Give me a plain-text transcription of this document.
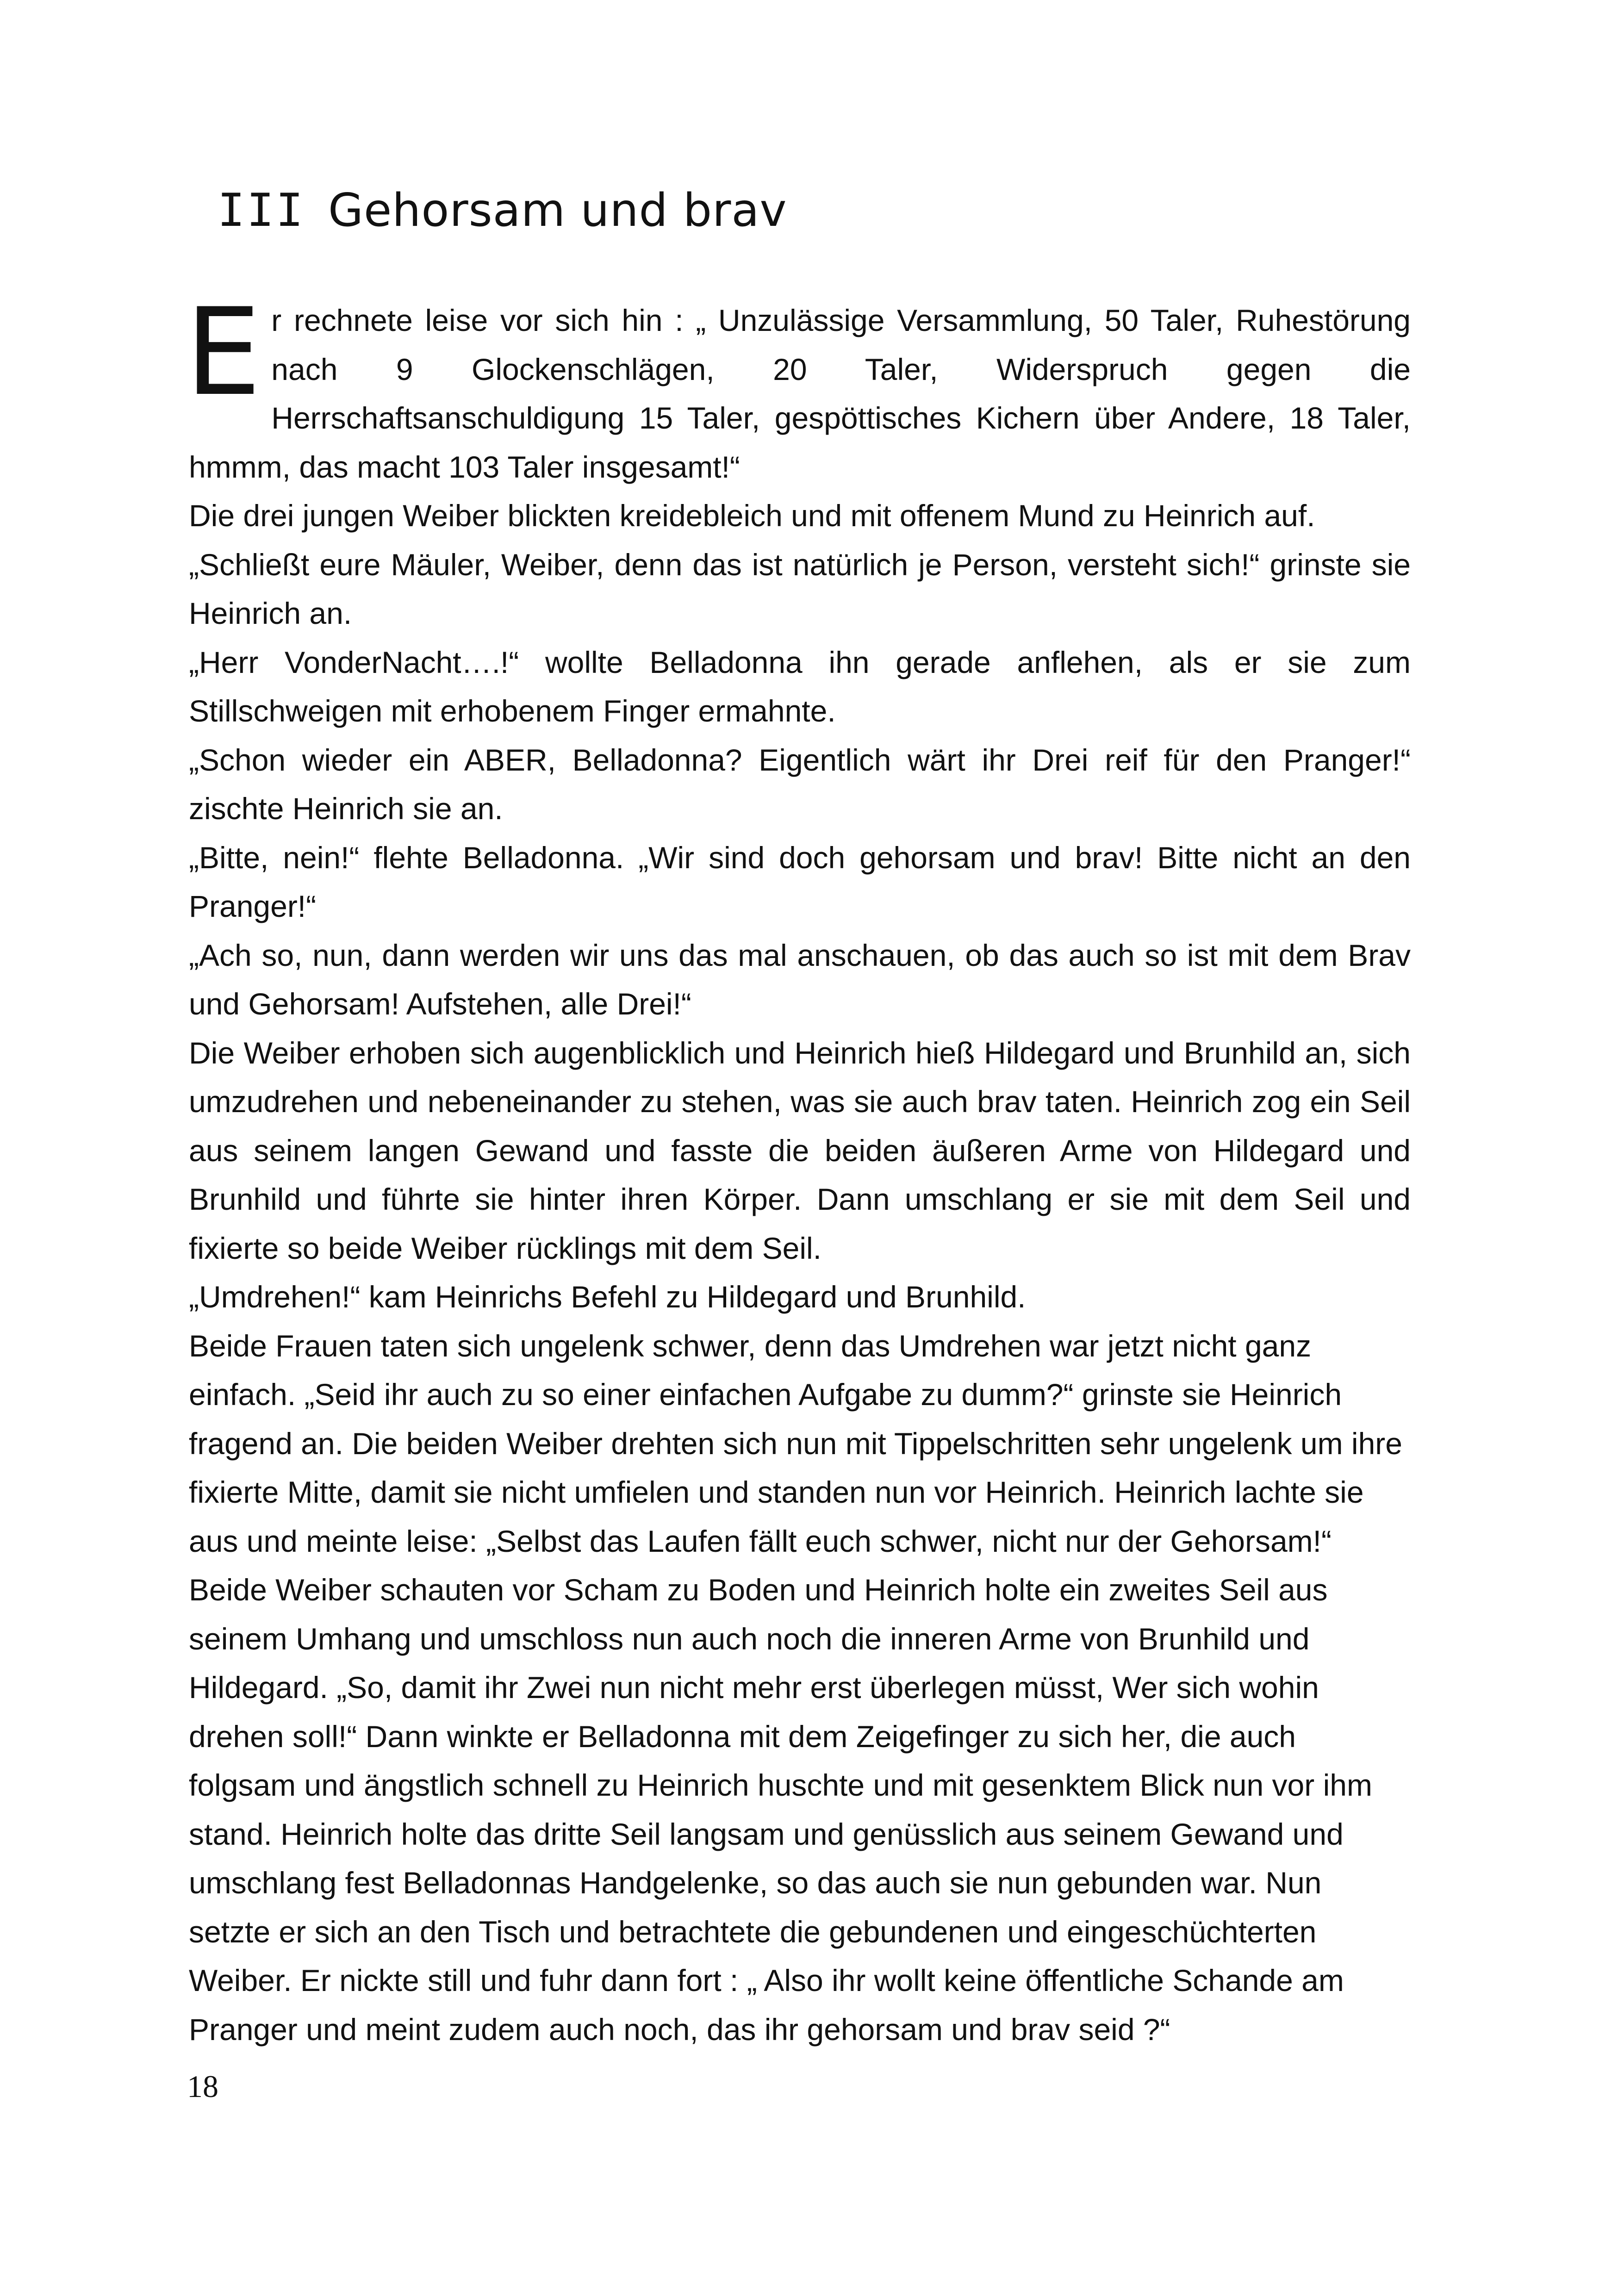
III Gehorsam und brav

Er rechnete leise vor sich hin : „ Unzulässige Versammlung, 50 Taler, Ruhestörung nach 9 Glockenschlägen, 20 Taler, Widerspruch gegen die Herrschaftsanschuldigung 15 Taler, gespöttisches Kichern über Andere, 18 Taler, hmmm, das macht 103 Taler insgesamt!“

Die drei jungen Weiber blickten kreidebleich und mit offenem Mund zu Heinrich auf.

„Schließt eure Mäuler, Weiber, denn das ist natürlich je Person, versteht sich!“ grinste sie Heinrich an.

„Herr VonderNacht….!“ wollte Belladonna ihn gerade anflehen, als er sie zum Stillschweigen mit erhobenem Finger ermahnte.

„Schon wieder ein ABER, Belladonna? Eigentlich wärt ihr Drei reif für den Pranger!“ zischte Heinrich sie an.

„Bitte, nein!“ flehte Belladonna. „Wir sind doch gehorsam und brav! Bitte nicht an den Pranger!“

„Ach so, nun, dann werden wir uns das mal anschauen, ob das auch so ist mit dem Brav und Gehorsam! Aufstehen, alle Drei!“

Die Weiber erhoben sich augenblicklich und Heinrich hieß Hildegard und Brunhild an, sich umzudrehen und nebeneinander zu stehen, was sie auch brav taten. Heinrich zog ein Seil aus seinem langen Gewand und fasste die beiden äußeren Arme von Hildegard und Brunhild und führte sie hinter ihren Körper. Dann umschlang er sie mit dem Seil und fixierte so beide Weiber rücklings mit dem Seil.

„Umdrehen!“ kam Heinrichs Befehl zu Hildegard und Brunhild.

Beide Frauen taten sich ungelenk schwer, denn das Umdrehen war jetzt nicht ganz einfach. „Seid ihr auch zu so einer einfachen Aufgabe zu dumm?“ grinste sie Heinrich fragend an. Die beiden Weiber drehten sich nun mit Tippelschritten sehr ungelenk um ihre fixierte Mitte, damit sie nicht umfielen und standen nun vor Heinrich. Heinrich lachte sie aus und meinte leise: „Selbst das Laufen fällt euch schwer, nicht nur der Gehorsam!“ Beide Weiber schauten vor Scham zu Boden und Heinrich holte ein zweites Seil aus seinem Umhang und umschloss nun auch noch die inneren Arme von Brunhild und Hildegard. „So, damit ihr Zwei nun nicht mehr erst überlegen müsst, Wer sich wohin drehen soll!“ Dann winkte er Belladonna mit dem Zeigefinger zu sich her, die auch folgsam und ängstlich schnell zu Heinrich huschte und mit gesenktem Blick nun vor ihm stand. Heinrich holte das dritte Seil langsam und genüsslich aus seinem Gewand und umschlang fest Belladonnas Handgelenke, so das auch sie nun gebunden war. Nun setzte er sich an den Tisch und betrachtete die gebundenen und eingeschüchterten Weiber. Er nickte still und fuhr dann fort : „ Also ihr wollt keine öffentliche Schande am Pranger und meint zudem auch noch, das ihr gehorsam und brav seid ?“

18
